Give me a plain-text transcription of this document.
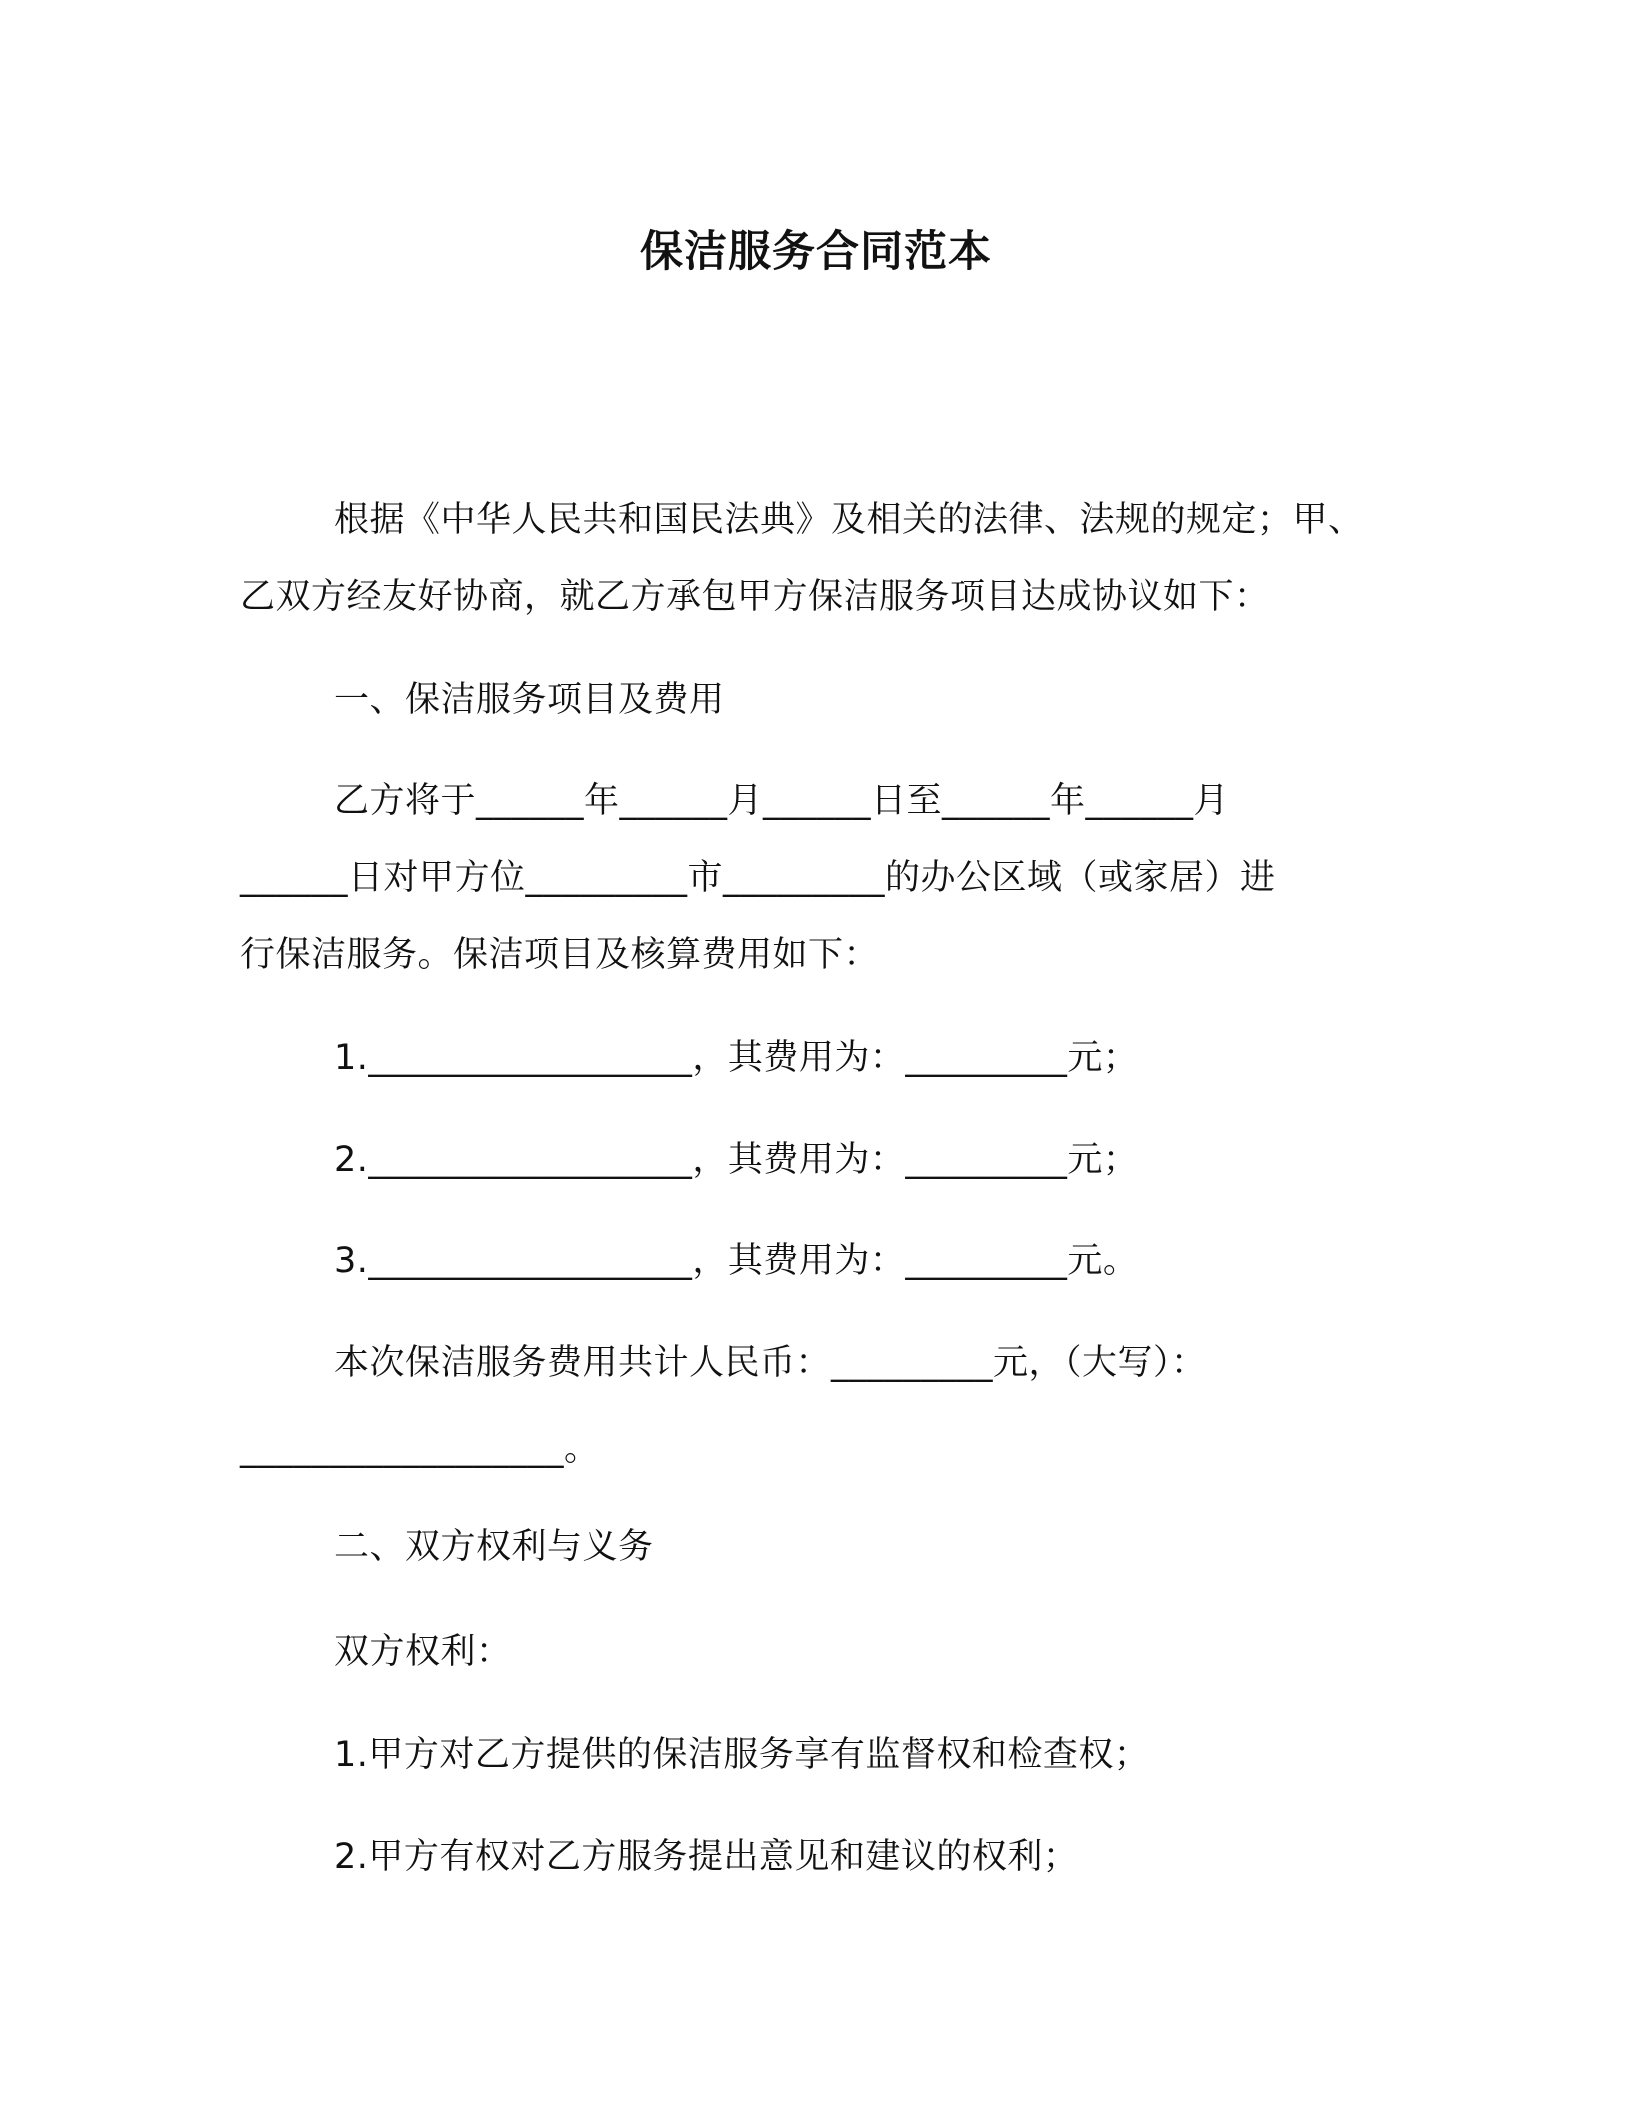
保洁服务合同范本
根据《中华人民共和国民法典》及相关的法律、法规的规定；甲、
乙双方经友好协商，就乙方承包甲方保洁服务项目达成协议如下：
一、保洁服务项目及费用
乙方将于______年______月______日至______年______月
______日对甲方位_________市_________的办公区域（或家居）进
行保洁服务。保洁项目及核算费用如下：
1.__________________，其费用为：_________元；
2.__________________，其费用为：_________元；
3.__________________，其费用为：_________元。
本次保洁服务费用共计人民币：_________元，（大写）：
__________________。
二、双方权利与义务
双方权利：
1.甲方对乙方提供的保洁服务享有监督权和检查权；
2.甲方有权对乙方服务提出意见和建议的权利；
